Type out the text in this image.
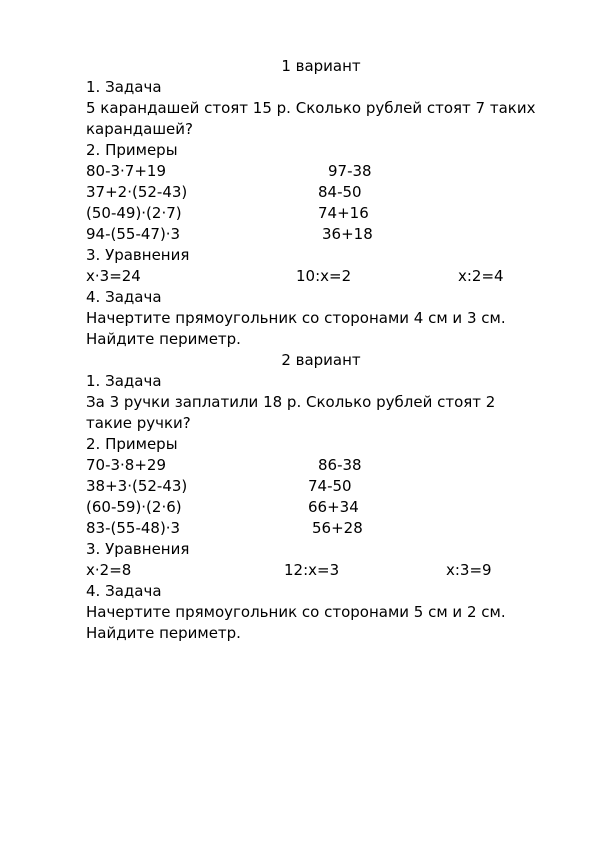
1 вариант
1. Задача
5 карандашей стоят 15 р. Сколько рублей стоят 7 таких карандашей?
2. Примеры
80-3·7+19	97-38
37+2·(52-43)	84-50
(50-49)·(2·7)	74+16
94-(55-47)·3	36+18
3. Уравнения
х·3=24	10:х=2	х:2=4
4. Задача
Начертите прямоугольник со сторонами 4 см и 3 см. Найдите периметр.
2 вариант
1. Задача
За 3 ручки заплатили 18 р. Сколько рублей стоят 2 такие ручки?
2. Примеры
70-3·8+29	86-38
38+3·(52-43)	74-50
(60-59)·(2·6)	66+34
83-(55-48)·3	56+28
3. Уравнения
х·2=8	12:х=3	х:3=9
4. Задача
Начертите прямоугольник со сторонами 5 см и 2 см. Найдите периметр.
